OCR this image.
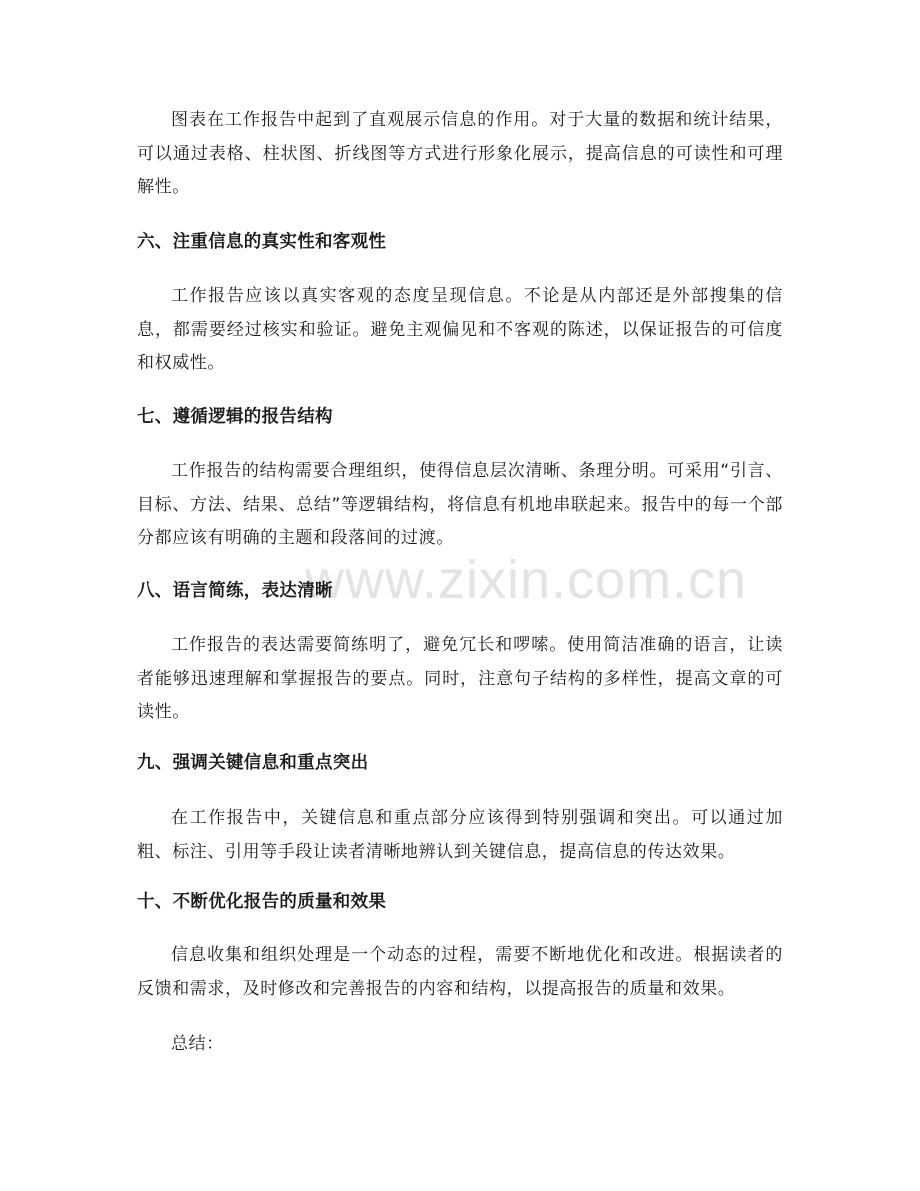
www.zixin.com.cn

图表在工作报告中起到了直观展示信息的作用。对于大量的数据和统计结果，可以通过表格、柱状图、折线图等方式进行形象化展示，提高信息的可读性和可理解性。

六、注重信息的真实性和客观性

工作报告应该以真实客观的态度呈现信息。不论是从内部还是外部搜集的信息，都需要经过核实和验证。避免主观偏见和不客观的陈述，以保证报告的可信度和权威性。

七、遵循逻辑的报告结构

工作报告的结构需要合理组织，使得信息层次清晰、条理分明。可采用“引言、目标、方法、结果、总结”等逻辑结构，将信息有机地串联起来。报告中的每一个部分都应该有明确的主题和段落间的过渡。

八、语言简练，表达清晰

工作报告的表达需要简练明了，避免冗长和啰嗦。使用简洁准确的语言，让读者能够迅速理解和掌握报告的要点。同时，注意句子结构的多样性，提高文章的可读性。

九、强调关键信息和重点突出

在工作报告中，关键信息和重点部分应该得到特别强调和突出。可以通过加粗、标注、引用等手段让读者清晰地辨认到关键信息，提高信息的传达效果。

十、不断优化报告的质量和效果

信息收集和组织处理是一个动态的过程，需要不断地优化和改进。根据读者的反馈和需求，及时修改和完善报告的内容和结构，以提高报告的质量和效果。

总结：
